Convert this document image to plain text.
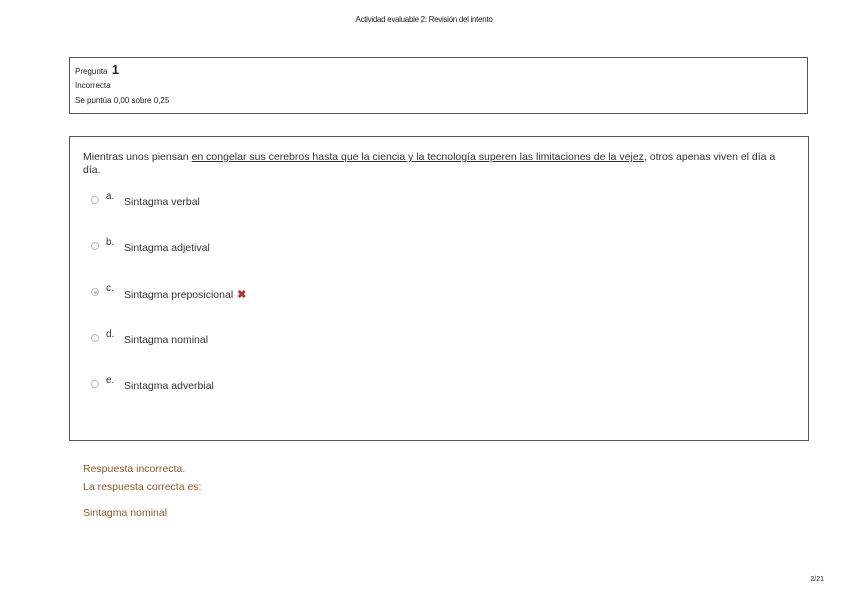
Actividad evaluable 2: Revisión del intento
Pregunta 1
Incorrecta
Se puntúa 0,00 sobre 0,25
Mientras unos piensan en congelar sus cerebros hasta que la ciencia y la tecnología superen las limitaciones de la vejez, otros apenas viven el día a día.
a. Sintagma verbal
b. Sintagma adjetival
c.
Sintagma preposicional ✖
d. Sintagma nominal
e. Sintagma adverbial
Respuesta incorrecta.
La respuesta correcta es:
Sintagma nominal
2/21
